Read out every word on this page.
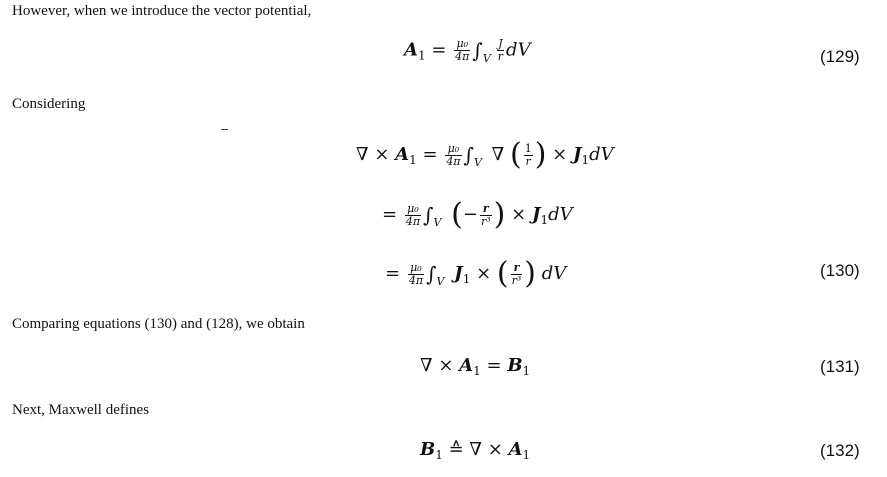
However, when we introduce the vector potential,
Considering
Comparing equations (130) and (128), we obtain
Next, Maxwell defines
$A_1 = \frac{\text{μ₀}}{4\pi} \int_V \frac{J}{r}$ dV	(129)
∇ × $A_1 = \frac{\text{μ₀}}{4\pi} \int_V$ ∇ ( $\frac{1}{r}$ ) × $J_1dV$
= $\frac{\text{μ₀}}{4\pi} \int_V$ (− $\frac{r}{\text{r³}}$ ) × $J_1dV$
= $\frac{\text{μ₀}}{4\pi} \int_V$ $J_1$ × ( $\frac{r}{\text{r³}}$ ) dV	(130)
∇ × $A_1 = B_1$	(131)
$B_1$ ≙ ∇ × $A_1$	(132)
